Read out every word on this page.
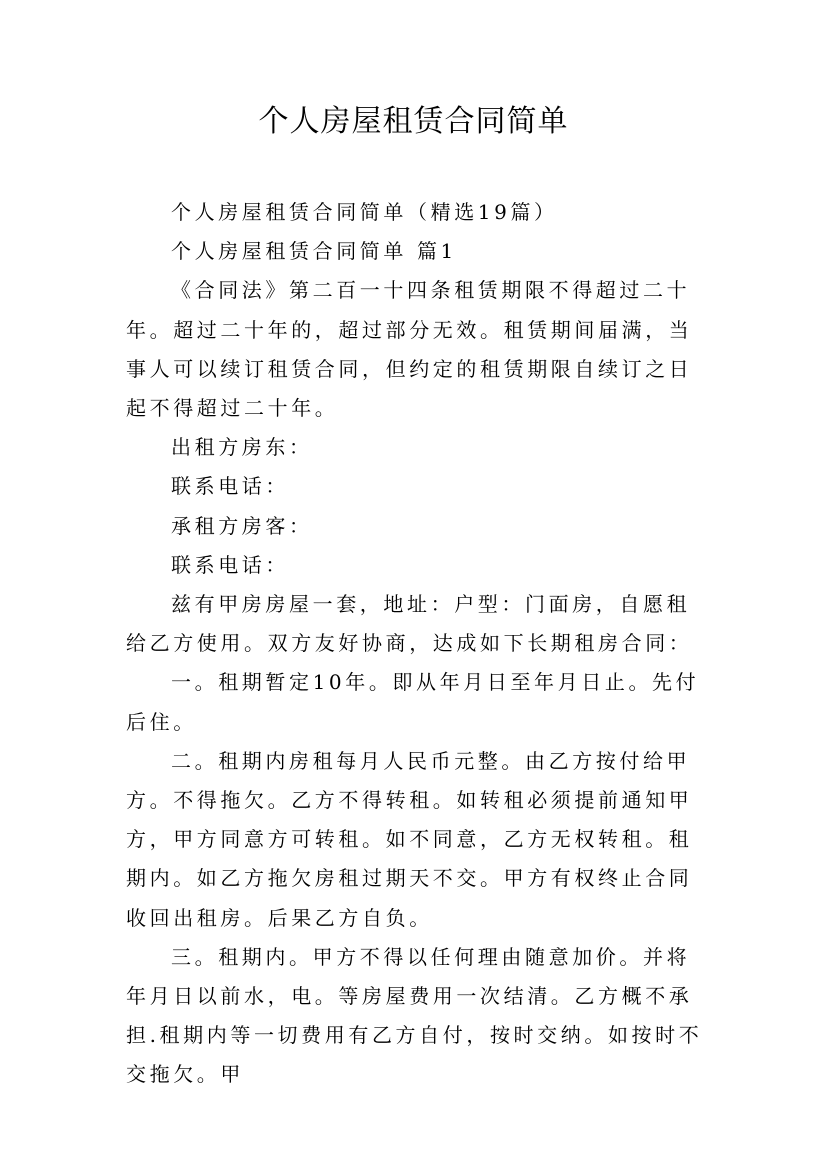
个人房屋租赁合同简单

个人房屋租赁合同简单（精选19篇）

个人房屋租赁合同简单 篇1

《合同法》第二百一十四条租赁期限不得超过二十年。超过二十年的，超过部分无效。租赁期间届满，当事人可以续订租赁合同，但约定的租赁期限自续订之日起不得超过二十年。

出租方房东：

联系电话：

承租方房客：

联系电话：

兹有甲房房屋一套，地址：户型：门面房，自愿租给乙方使用。双方友好协商，达成如下长期租房合同：

一。租期暂定10年。即从年月日至年月日止。先付后住。

二。租期内房租每月人民币元整。由乙方按付给甲方。不得拖欠。乙方不得转租。如转租必须提前通知甲方，甲方同意方可转租。如不同意，乙方无权转租。租期内。如乙方拖欠房租过期天不交。甲方有权终止合同收回出租房。后果乙方自负。

三。租期内。甲方不得以任何理由随意加价。并将年月日以前水，电。等房屋费用一次结清。乙方概不承担.租期内等一切费用有乙方自付，按时交纳。如按时不交拖欠。甲
